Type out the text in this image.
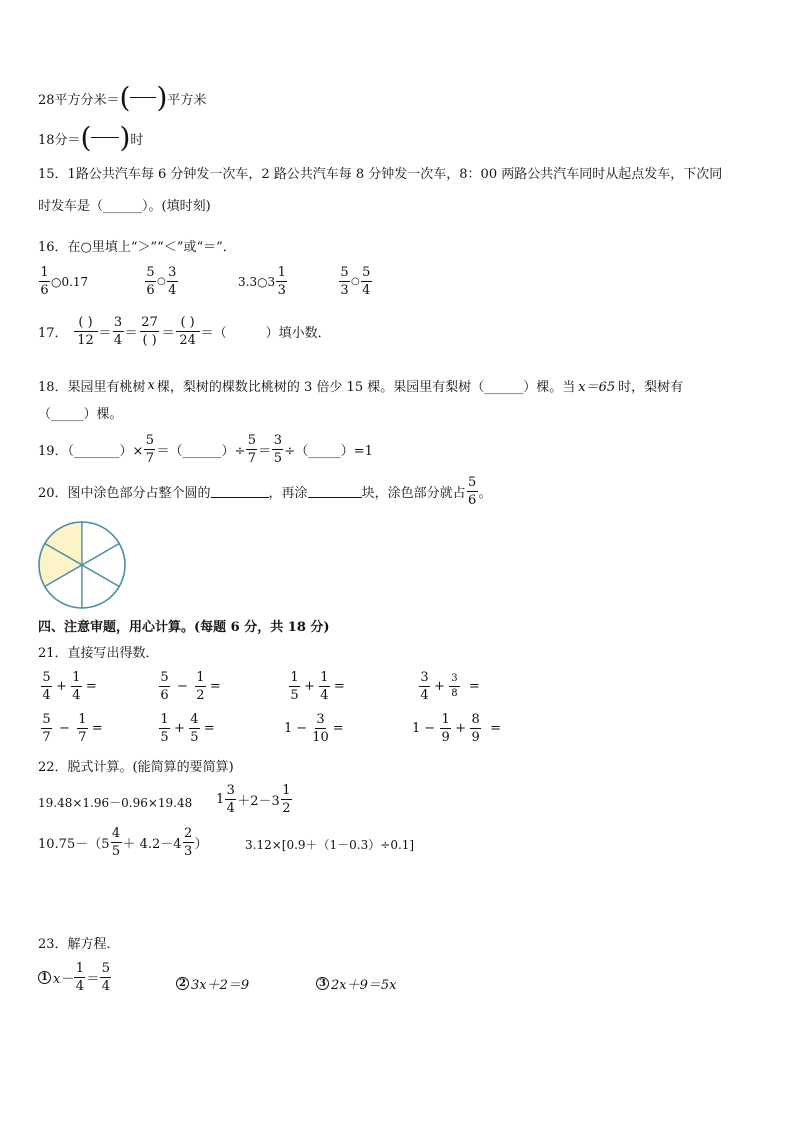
28平方分米＝ ( ) 平方米
18分＝ ( ) 时
15．1路公共汽车每 6 分钟发一次车，2 路公共汽车每 8 分钟发一次车，8：00 两路公共汽车同时从起点发车，下次同
时发车是（______）。(填时刻)
16．在○里填上“＞”“＜”或“＝”．
$\frac{1}{6}$ ○0.17	$\frac{5}{6}$ ○ $\frac{3}{4}$	3.3○3 $\frac{1}{3}$	$\frac{5}{3}$ ○ $\frac{5}{4}$
17． $\frac{( )}{12} = \frac{3}{4} = \frac{27}{( )} = \frac{( )}{24}$ ＝（　　　）填小数．
18．果园里有桃树 x 棵，梨树的棵数比桃树的 3 倍少 15 棵。果园里有梨树（______）棵。当 x＝65 时，梨树有
（_____）棵。
19．（_______）× $\frac{5}{7}$ ＝（______）÷ $\frac{5}{7} = \frac{3}{5}$ ÷（_____）=1
20．图中涂色部分占整个圆的	，再涂	块，涂色部分就占 $\frac{5}{6}$ 。
四、注意审题，用心计算。(每题 6 分，共 18 分)
21．直接写出得数．
$\frac{5}{4} + \frac{1}{4}$ =	$\frac{5}{6} - \frac{1}{2}$ =	$\frac{1}{5} + \frac{1}{4}$ =	$\frac{3}{4} + \frac{3}{8}$ =
$\frac{5}{7} - \frac{1}{7}$ =	$\frac{1}{5} + \frac{4}{5}$ =	$1 - \frac{3}{10}$ =	$1 - \frac{1}{9} + \frac{8}{9}$ =
22．脱式计算。(能简算的要简算)
19.48×1.96－0.96×19.48 $1 \frac{3}{4} +2-3 \frac{1}{2}$
$10.75-(5 \frac{4}{5} + 4.2-4 \frac{2}{3}$ ）	3.12×[0.9＋（1－0.3）÷0.1]
23．解方程．
1 $x- \frac{1}{4} = \frac{5}{4}$	2 3x＋2＝9	3 2x＋9＝5x
